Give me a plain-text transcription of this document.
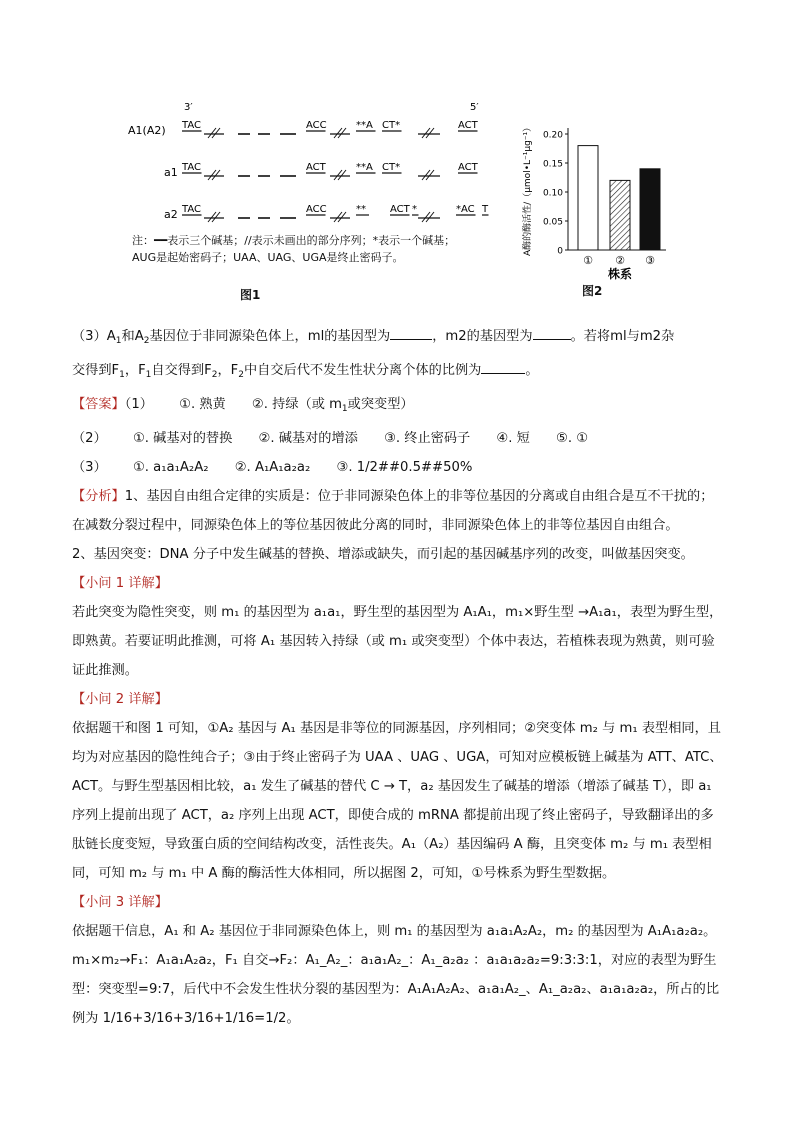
3′	5′
A1(A2)
a1
a2
TAC	ACC	**A CT*	ACT
TAC	ACT	**A CT*	ACT
TAC	ACC	** ACT *	*AC T
注：━━表示三个碱基；//表示未画出的部分序列；*表示一个碱基；
AUG是起始密码子；UAA、UAG、UGA是终止密码子。
图1
0
0.05
0.10
0.15
0.20
① ② ③
A酶的酶活性/（μmol•L⁻¹μg⁻¹）
株系
图2

$(3)A_1$和$A_2$基因位于非同源染色体上，ml的基因型为	，m2的基因型为	。若将ml与m2杂
交得到$F_1$，$F_1$自交得到$F_2$，$F_2$中自交后代不发生性状分离个体的比例为	。

【答案】（1） ①. 熟黄 ②. 持绿（或 $m_1$或突变型）

（2） ①. 碱基对的替换 ②. 碱基对的增添 ③. 终止密码子 ④. 短 ⑤. ①

（3） ①. a₁a₁A₂A₂ ②. A₁A₁a₂a₂ ③. 1/2##0.5##50%

【分析】1、基因自由组合定律的实质是：位于非同源染色体上的非等位基因的分离或自由组合是互不干扰的；在减数分裂过程中，同源染色体上的等位基因彼此分离的同时，非同源染色体上的非等位基因自由组合。

2、基因突变：DNA 分子中发生碱基的替换、增添或缺失，而引起的基因碱基序列的改变，叫做基因突变。

【小问 1 详解】

若此突变为隐性突变，则 m₁ 的基因型为 a₁a₁，野生型的基因型为 A₁A₁，m₁×野生型 →A₁a₁，表型为野生型，即熟黄。若要证明此推测，可将 A₁ 基因转入持绿（或 m₁ 或突变型）个体中表达，若植株表现为熟黄，则可验证此推测。

【小问 2 详解】

依据题干和图 1 可知，①A₂ 基因与 A₁ 基因是非等位的同源基因，序列相同；②突变体 m₂ 与 m₁ 表型相同，且均为对应基因的隐性纯合子；③由于终止密码子为 UAA 、UAG 、UGA，可知对应模板链上碱基为 ATT、ATC、ACT。与野生型基因相比较，a₁ 发生了碱基的替代 C → T，a₂ 基因发生了碱基的增添（增添了碱基 T），即 a₁ 序列上提前出现了 ACT，a₂ 序列上出现 ACT，即使合成的 mRNA 都提前出现了终止密码子，导致翻译出的多肽链长度变短，导致蛋白质的空间结构改变，活性丧失。A₁（A₂）基因编码 A 酶，且突变体 m₂ 与 m₁ 表型相同，可知 m₂ 与 m₁ 中 A 酶的酶活性大体相同，所以据图 2，可知，①号株系为野生型数据。

【小问 3 详解】

依据题干信息，A₁ 和 A₂ 基因位于非同源染色体上，则 m₁ 的基因型为 a₁a₁A₂A₂，m₂ 的基因型为 A₁A₁a₂a₂。m₁×m₂→F₁：A₁a₁A₂a₂，F₁ 自交→F₂：A₁_A₂_：a₁a₁A₂_：A₁_a₂a₂ ：a₁a₁a₂a₂=9:3:3:1，对应的表型为野生型：突变型=9:7，后代中不会发生性状分裂的基因型为：A₁A₁A₂A₂、a₁a₁A₂_、A₁_a₂a₂、a₁a₁a₂a₂，所占的比例为 1/16+3/16+3/16+1/16=1/2。
